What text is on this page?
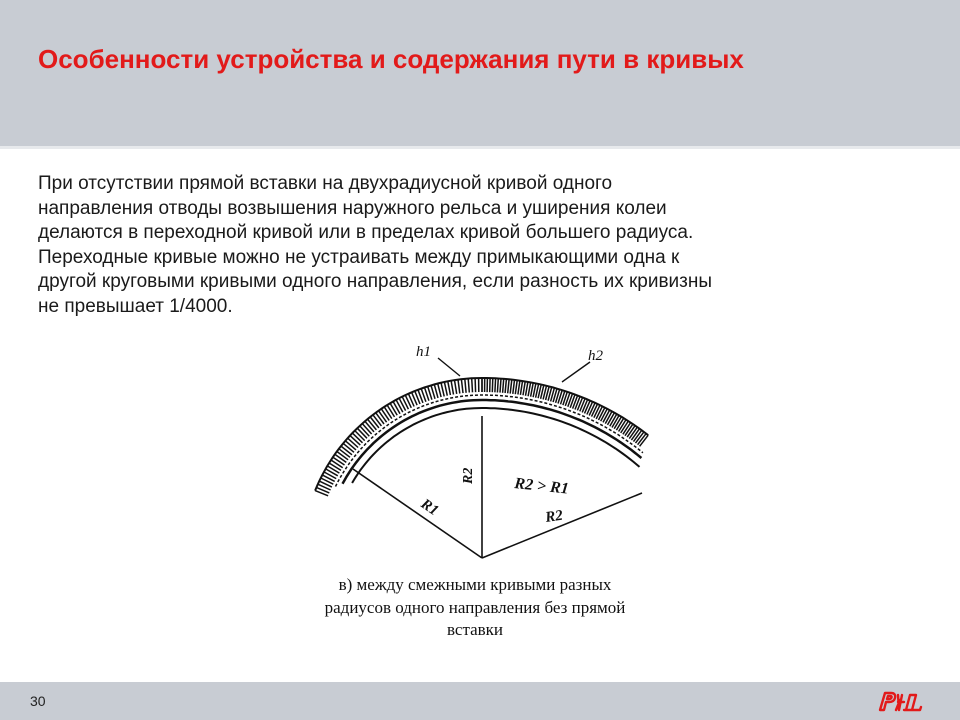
Особенности устройства и содержания пути в кривых
При отсутствии прямой вставки на двухрадиусной кривой одного
направления отводы возвышения наружного рельса и уширения колеи
делаются в переходной кривой или в пределах кривой большего радиуса.
Переходные кривые можно не устраивать между примыкающими одна к
другой круговыми кривыми одного направления, если разность их кривизны
не превышает 1/4000.
h1	h2
R1
R2 R2 > R1
R2
в) между смежными кривыми разных
радиусов одного направления без прямой
вставки
30
